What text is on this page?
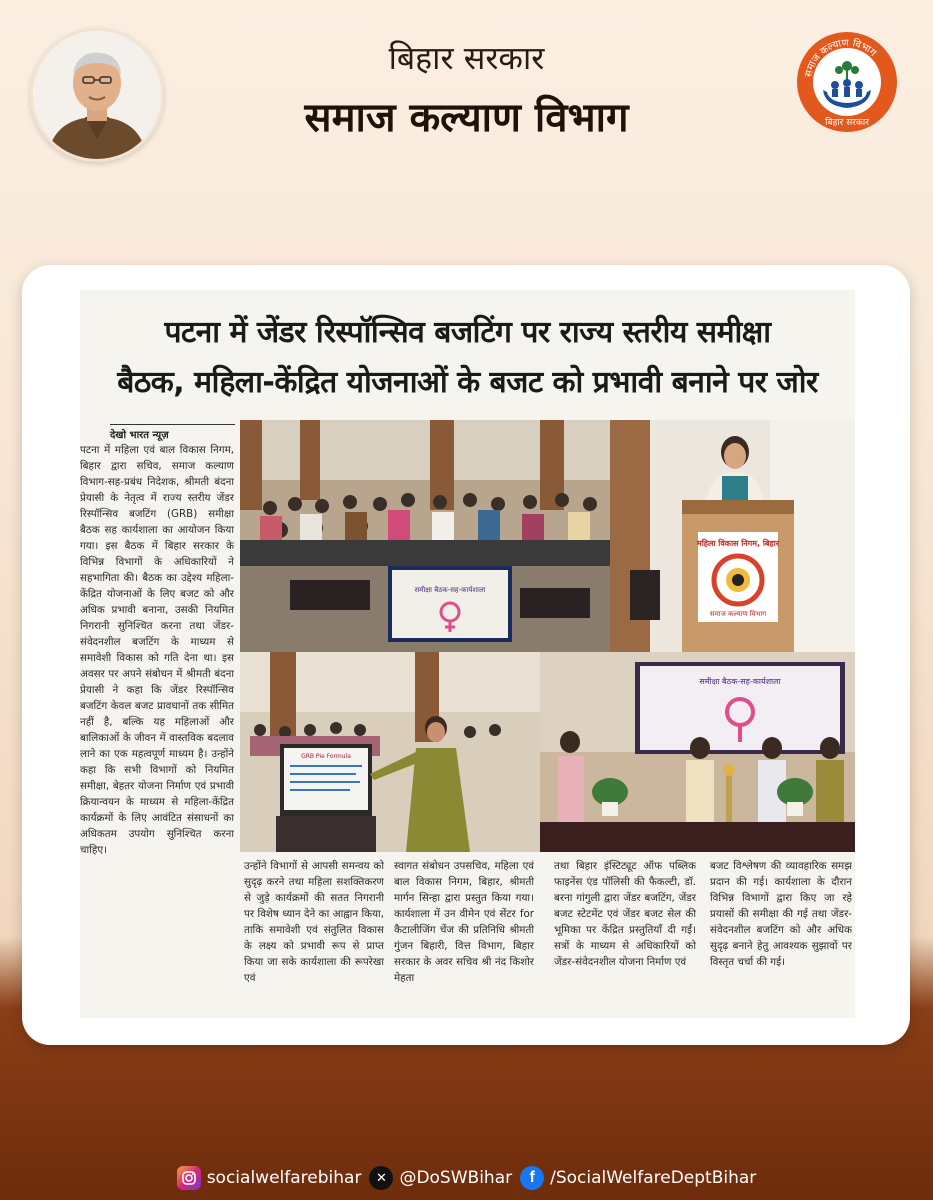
बिहार सरकार
समाज कल्याण विभाग
समाज कल्याण विभाग
बिहार सरकार
पटना में जेंडर रिस्पॉन्सिव बजटिंग पर राज्य स्तरीय समीक्षा
बैठक, महिला-केंद्रित योजनाओं के बजट को प्रभावी बनाने पर जोर
देखो भारत न्यूज़

पटना में महिला एवं बाल विकास निगम, बिहार द्वारा सचिव, समाज कल्याण विभाग-सह-प्रबंध निदेशक, श्रीमती बंदना प्रेयासी के नेतृत्व में राज्य स्तरीय जेंडर रिस्पॉन्सिव बजटिंग (GRB) समीक्षा बैठक सह कार्यशाला का आयोजन किया गया। इस बैठक में बिहार सरकार के विभिन्न विभागों के अधिकारियों ने सहभागिता की। बैठक का उद्देश्य महिला-केंद्रित योजनाओं के लिए बजट को और अधिक प्रभावी बनाना, उसकी नियमित निगरानी सुनिश्चित करना तथा जेंडर-संवेदनशील बजटिंग के माध्यम से समावेशी विकास को गति देना था। इस अवसर पर अपने संबोधन में श्रीमती बंदना प्रेयासी ने कहा कि जेंडर रिस्पॉन्सिव बजटिंग केवल बजट प्रावधानों तक सीमित नहीं है, बल्कि यह महिलाओं और बालिकाओं के जीवन में वास्तविक बदलाव लाने का एक महत्वपूर्ण माध्यम है। उन्होंने कहा कि सभी विभागों को नियमित समीक्षा, बेहतर योजना निर्माण एवं प्रभावी क्रियान्वयन के माध्यम से महिला-केंद्रित कार्यक्रमों के लिए आवंटित संसाधनों का अधिकतम उपयोग सुनिश्चित करना चाहिए।

समीक्षा बैठक-सह-कार्यशाला
महिला विकास निगम, बिहार
समाज कल्याण विभाग
GRB Pie Formula
समीक्षा बैठक-सह-कार्यशाला

उन्होंने विभागों से आपसी समन्वय को सुदृढ़ करने तथा महिला सशक्तिकरण से जुड़े कार्यक्रमों की सतत निगरानी पर विशेष ध्यान देने का आह्वान किया, ताकि समावेशी एवं संतुलित विकास के लक्ष्य को प्रभावी रूप से प्राप्त किया जा सके कार्यशाला की रूपरेखा एवं

स्वागत संबोधन उपसचिव, महिला एवं बाल विकास निगम, बिहार, श्रीमती मार्गन सिन्हा द्वारा प्रस्तुत किया गया। कार्यशाला में उन वीमेन एवं सेंटर for कैटालीजिंग चेंज की प्रतिनिधि श्रीमती गुंजन बिहारी, वित्त विभाग, बिहार सरकार के अवर सचिव श्री नंद किशोर मेहता

तथा बिहार इंस्टिट्यूट ऑफ पब्लिक फाइनेंस एंड पॉलिसी की फैकल्टी, डॉ. बरना गांगुली द्वारा जेंडर बजटिंग, जेंडर बजट स्टेटमेंट एवं जेंडर बजट सेल की भूमिका पर केंद्रित प्रस्तुतियाँ दी गईं। सत्रों के माध्यम से अधिकारियों को जेंडर-संवेदनशील योजना निर्माण एवं

बजट विश्लेषण की व्यावहारिक समझ प्रदान की गई। कार्यशाला के दौरान विभिन्न विभागों द्वारा किए जा रहे प्रयासों की समीक्षा की गई तथा जेंडर-संवेदनशील बजटिंग को और अधिक सुदृढ़ बनाने हेतु आवश्यक सुझावों पर विस्तृत चर्चा की गई।

socialwelfarebihar	✕ @DoSWBihar	f /SocialWelfareDeptBihar
